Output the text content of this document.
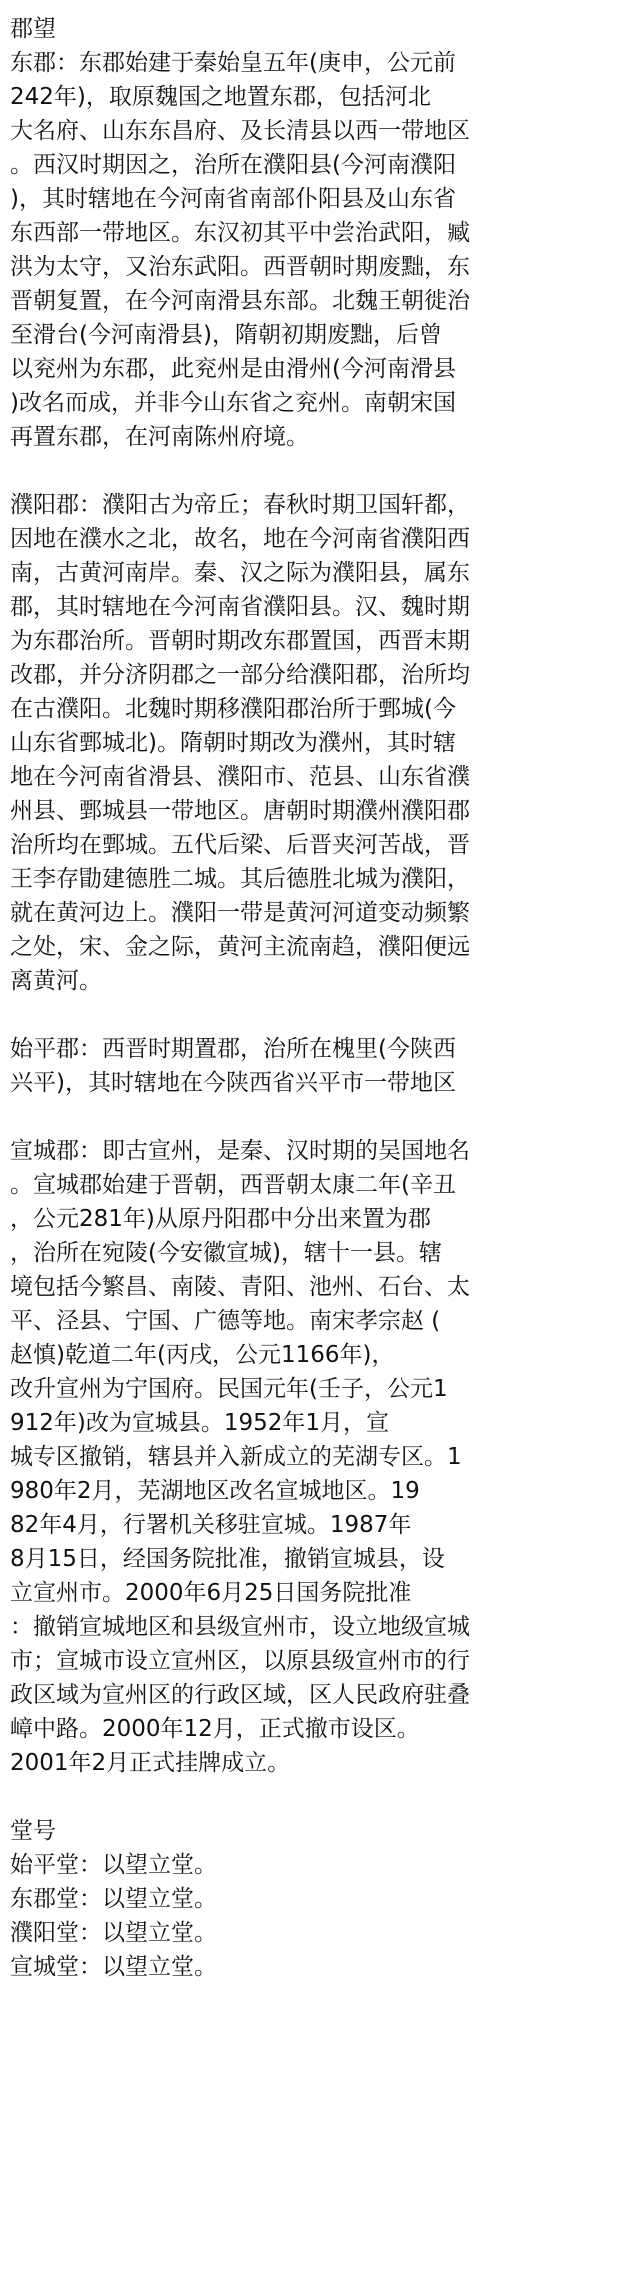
郡望
东郡：东郡始建于秦始皇五年(庚申，公元前
242年)，取原魏国之地置东郡，包括河北
大名府、山东东昌府、及长清县以西一带地区
。西汉时期因之，治所在濮阳县(今河南濮阳
)，其时辖地在今河南省南部仆阳县及山东省
东西部一带地区。东汉初其平中尝治武阳，臧
洪为太守，又治东武阳。西晋朝时期废黜，东
晋朝复置，在今河南滑县东部。北魏王朝徙治
至滑台(今河南滑县)，隋朝初期废黜，后曾
以兖州为东郡，此兖州是由滑州(今河南滑县
)改名而成，并非今山东省之兖州。南朝宋国
再置东郡，在河南陈州府境。
濮阳郡：濮阳古为帝丘；春秋时期卫国轩都，
因地在濮水之北，故名，地在今河南省濮阳西
南，古黄河南岸。秦、汉之际为濮阳县，属东
郡，其时辖地在今河南省濮阳县。汉、魏时期
为东郡治所。晋朝时期改东郡置国，西晋末期
改郡，并分济阴郡之一部分给濮阳郡，治所均
在古濮阳。北魏时期移濮阳郡治所于鄄城(今
山东省鄄城北)。隋朝时期改为濮州，其时辖
地在今河南省滑县、濮阳市、范县、山东省濮
州县、鄄城县一带地区。唐朝时期濮州濮阳郡
治所均在鄄城。五代后梁、后晋夹河苦战，晋
王李存勖建德胜二城。其后德胜北城为濮阳，
就在黄河边上。濮阳一带是黄河河道变动频繁
之处，宋、金之际，黄河主流南趋，濮阳便远
离黄河。
始平郡：西晋时期置郡，治所在槐里(今陕西
兴平)，其时辖地在今陕西省兴平市一带地区
宣城郡：即古宣州，是秦、汉时期的吴国地名
。宣城郡始建于晋朝，西晋朝太康二年(辛丑
，公元281年)从原丹阳郡中分出来置为郡
，治所在宛陵(今安徽宣城)，辖十一县。辖
境包括今繁昌、南陵、青阳、池州、石台、太
平、泾县、宁国、广德等地。南宋孝宗赵 (
赵慎)乾道二年(丙戌，公元1166年)，
改升宣州为宁国府。民国元年(壬子，公元1
912年)改为宣城县。1952年1月，宣
城专区撤销，辖县并入新成立的芜湖专区。1
980年2月，芜湖地区改名宣城地区。19
82年4月，行署机关移驻宣城。1987年
8月15日，经国务院批准，撤销宣城县，设
立宣州市。2000年6月25日国务院批准
：撤销宣城地区和县级宣州市，设立地级宣城
市；宣城市设立宣州区，以原县级宣州市的行
政区域为宣州区的行政区域，区人民政府驻叠
嶂中路。2000年12月，正式撤市设区。
2001年2月正式挂牌成立。
堂号
始平堂：以望立堂。
东郡堂：以望立堂。
濮阳堂：以望立堂。
宣城堂：以望立堂。
